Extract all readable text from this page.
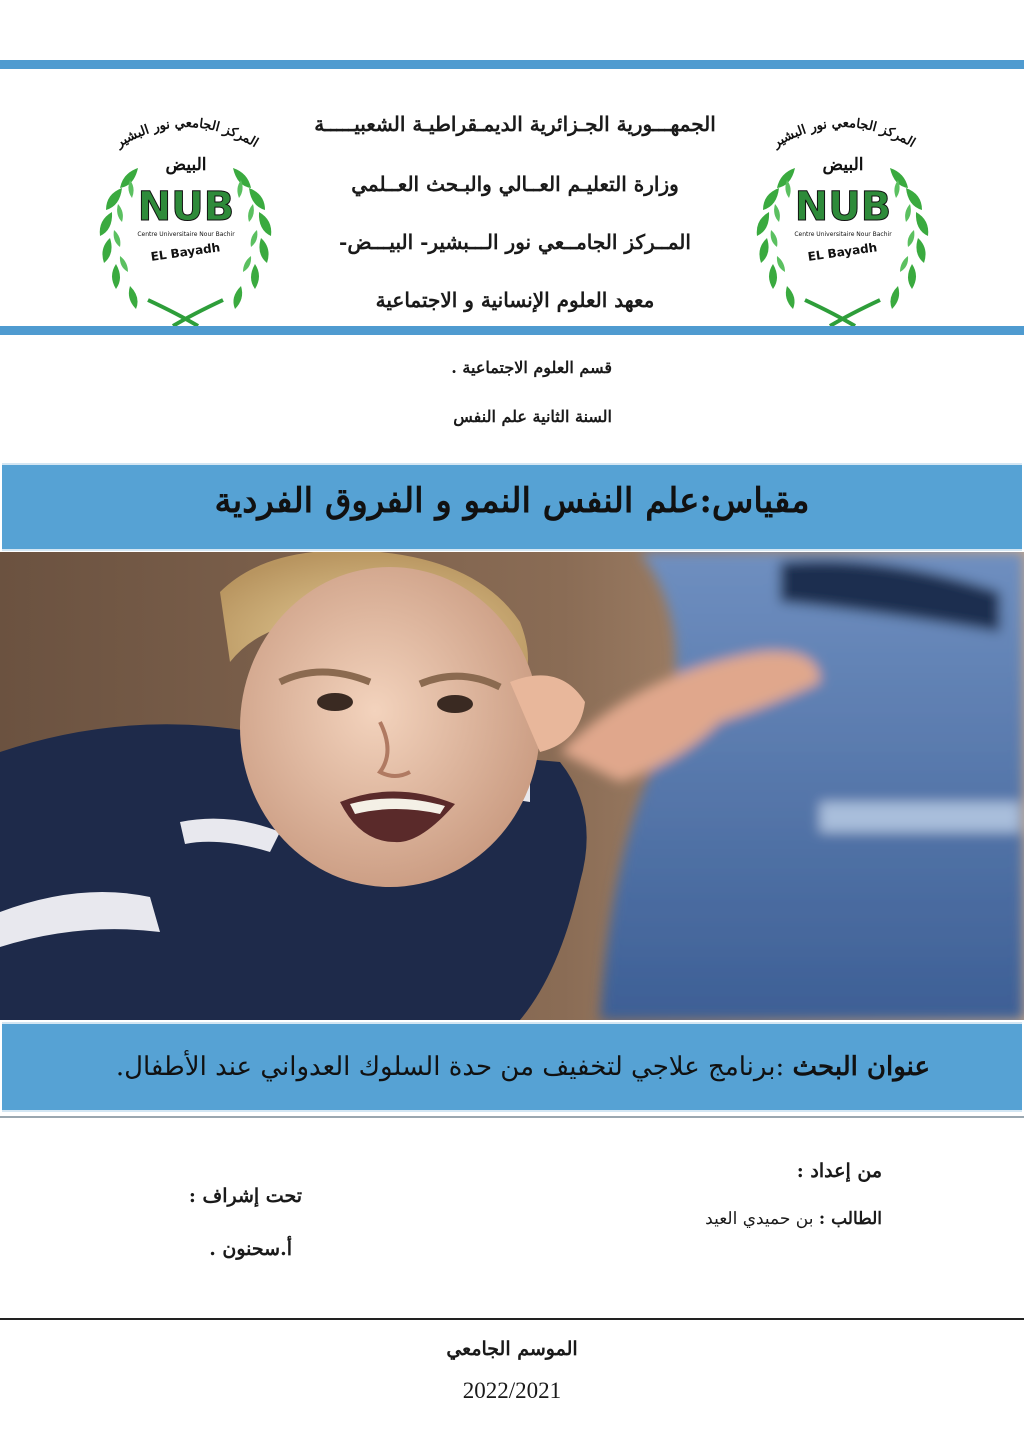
الجمهـــورية الجـزائرية الديمـقراطيـة الشعبيـــــة
وزارة التعليـم العــالي والبـحث العــلمي
المــركز الجامــعي نور الـــبشير- البيـــض-
معهد العلوم الإنسانية و الاجتماعية
المركز الجامعي نور البشير
البيض
NUB
Centre Universitaire Nour Bachir
EL Bayadh
المركز الجامعي نور البشير
البيض
NUB
Centre Universitaire Nour Bachir
EL Bayadh
قسم العلوم الاجتماعية .
السنة الثانية علم النفس
مقياس:علم النفس النمو و الفروق الفردية
عنوان البحث :برنامج علاجي لتخفيف من حدة السلوك العدواني عند الأطفال.
من إعداد :
الطالب : بن حميدي العيد
تحت إشراف :
أ.سحنون .
الموسم الجامعي
2022/2021
